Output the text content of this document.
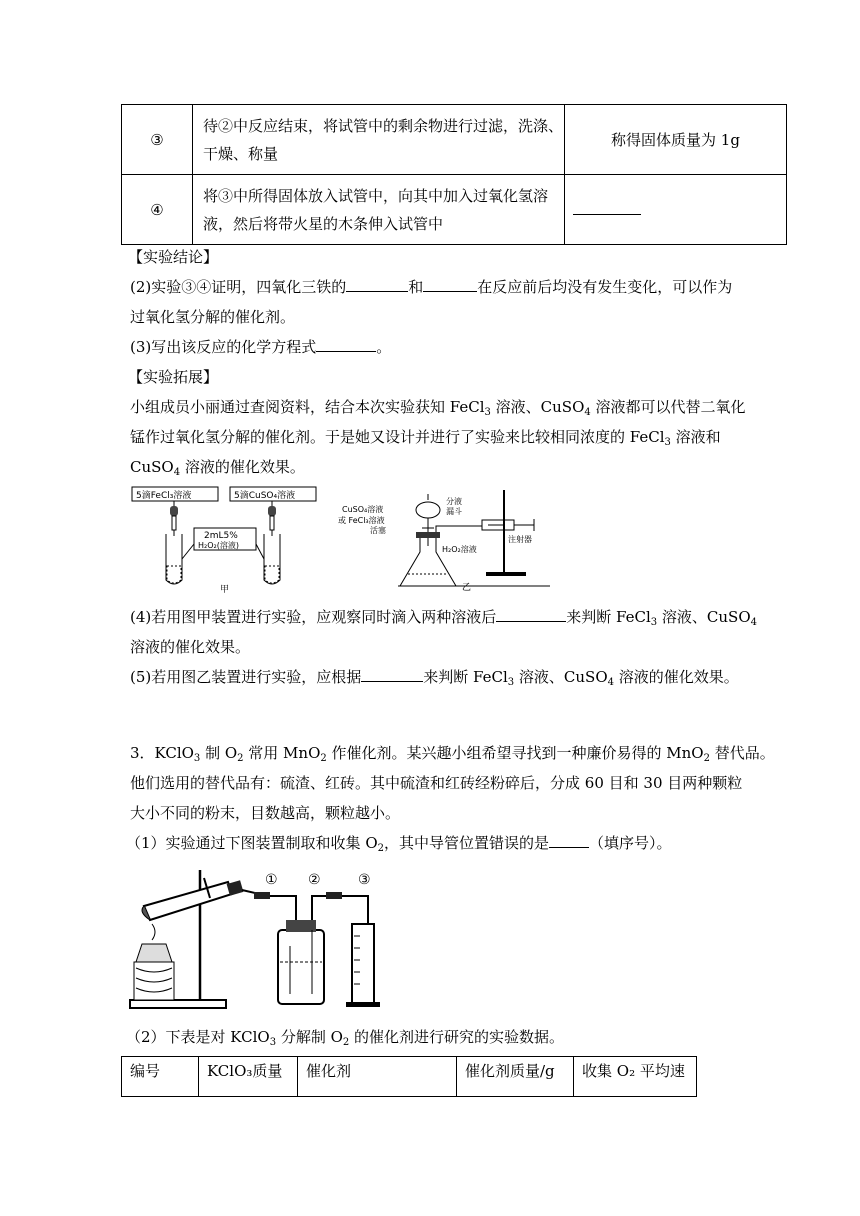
③	待②中反应结束，将试管中的剩余物进行过滤，洗涤、
干燥、称量	称得固体质量为 1g
④	将③中所得固体放入试管中，向其中加入过氧化氢溶
液，然后将带火星的木条伸入试管中	

【实验结论】
(2)实验③④证明，四氧化三铁的	和	在反应前后均没有发生变化，可以作为
过氧化氢分解的催化剂。
(3)写出该反应的化学方程式	。
【实验拓展】
小组成员小丽通过查阅资料，结合本次实验获知 FeCl$_3$ 溶液、CuSO$_4$ 溶液都可以代替二氧化
锰作过氧化氢分解的催化剂。于是她又设计并进行了实验来比较相同浓度的 FeCl$_3$ 溶液和
CuSO$_4$ 溶液的催化效果。
5滴FeCl₃溶液	5滴CuSO₄溶液
2mL5%
H₂O₂(溶液)
甲
CuSO₄溶液
或 FeCl₃溶液
活塞
分液
漏斗
H₂O₂溶液
注射器
乙
(4)若用图甲装置进行实验，应观察同时滴入两种溶液后	来判断 FeCl$_3$ 溶液、CuSO$_4$
溶液的催化效果。
(5)若用图乙装置进行实验，应根据	来判断 FeCl$_3$ 溶液、CuSO$_4$ 溶液的催化效果。
3．KClO$_3$ 制 $O_2$ 常用 MnO$_2$ 作催化剂。某兴趣小组希望寻找到一种廉价易得的 MnO$_2$ 替代品。
他们选用的替代品有：硫渣、红砖。其中硫渣和红砖经粉碎后，分成 60 目和 30 目两种颗粒
大小不同的粉末，目数越高，颗粒越小。
（1）实验通过下图装置制取和收集 $O_2$，其中导管位置错误的是	（填序号）。
① ②	③
（2）下表是对 KClO$_3$ 分解制 $O_2$ 的催化剂进行研究的实验数据。
编号	KClO₃质量	催化剂	催化剂质量/g	收集 O₂ 平均速
